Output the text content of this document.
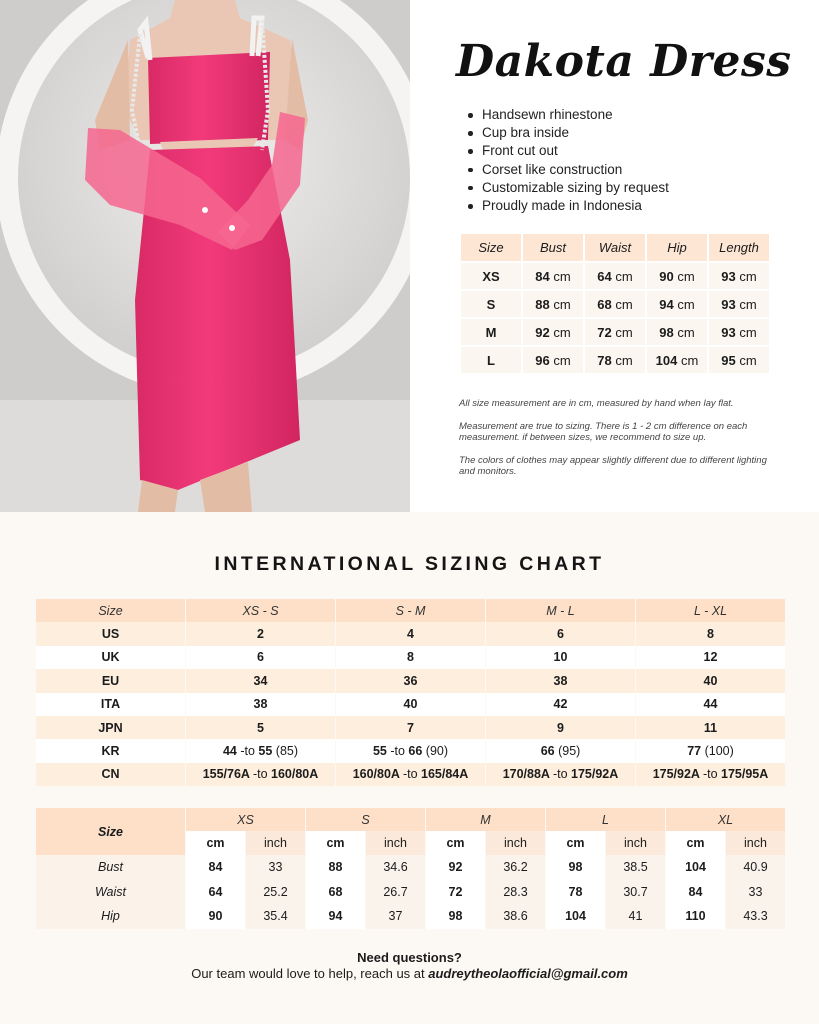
Dakota Dress
Handsewn rhinestone
Cup bra inside
Front cut out
Corset like construction
Customizable sizing by request
Proudly made in Indonesia
Size	Bust	Waist	Hip	Length
XS	84 cm	64 cm	90 cm	93 cm
S	88 cm	68 cm	94 cm	93 cm
M	92 cm	72 cm	98 cm	93 cm
L	96 cm	78 cm	104 cm	95 cm

All size measurement are in cm, measured by hand when lay flat.

Measurement are true to sizing. There is 1 - 2 cm difference on each measurement. if between sizes, we recommend to size up.

The colors of clothes may appear slightly different due to different lighting and monitors.

INTERNATIONAL SIZING CHART
Size	XS - S	S - M	M - L	L - XL
US	2	4	6	8
UK	6	8	10	12
EU	34	36	38	40
ITA	38	40	42	44
JPN	5	7	9	11
KR	44 -to 55 (85)	55 -to 66 (90)	66 (95)	77 (100)
CN	155/76A -to 160/80A	160/80A -to 165/84A	170/88A -to 175/92A	175/92A -to 175/95A
Size	XS		S		M		L		XL	
	cm	inch	cm	inch	cm	inch	cm	inch	cm	inch
Bust	84	33	88	34.6	92	36.2	98	38.5	104	40.9
Waist	64	25.2	68	26.7	72	28.3	78	30.7	84	33
Hip	90	35.4	94	37	98	38.6	104	41	110	43.3
Need questions?
Our team would love to help, reach us at audreytheolaofficial@gmail.com
